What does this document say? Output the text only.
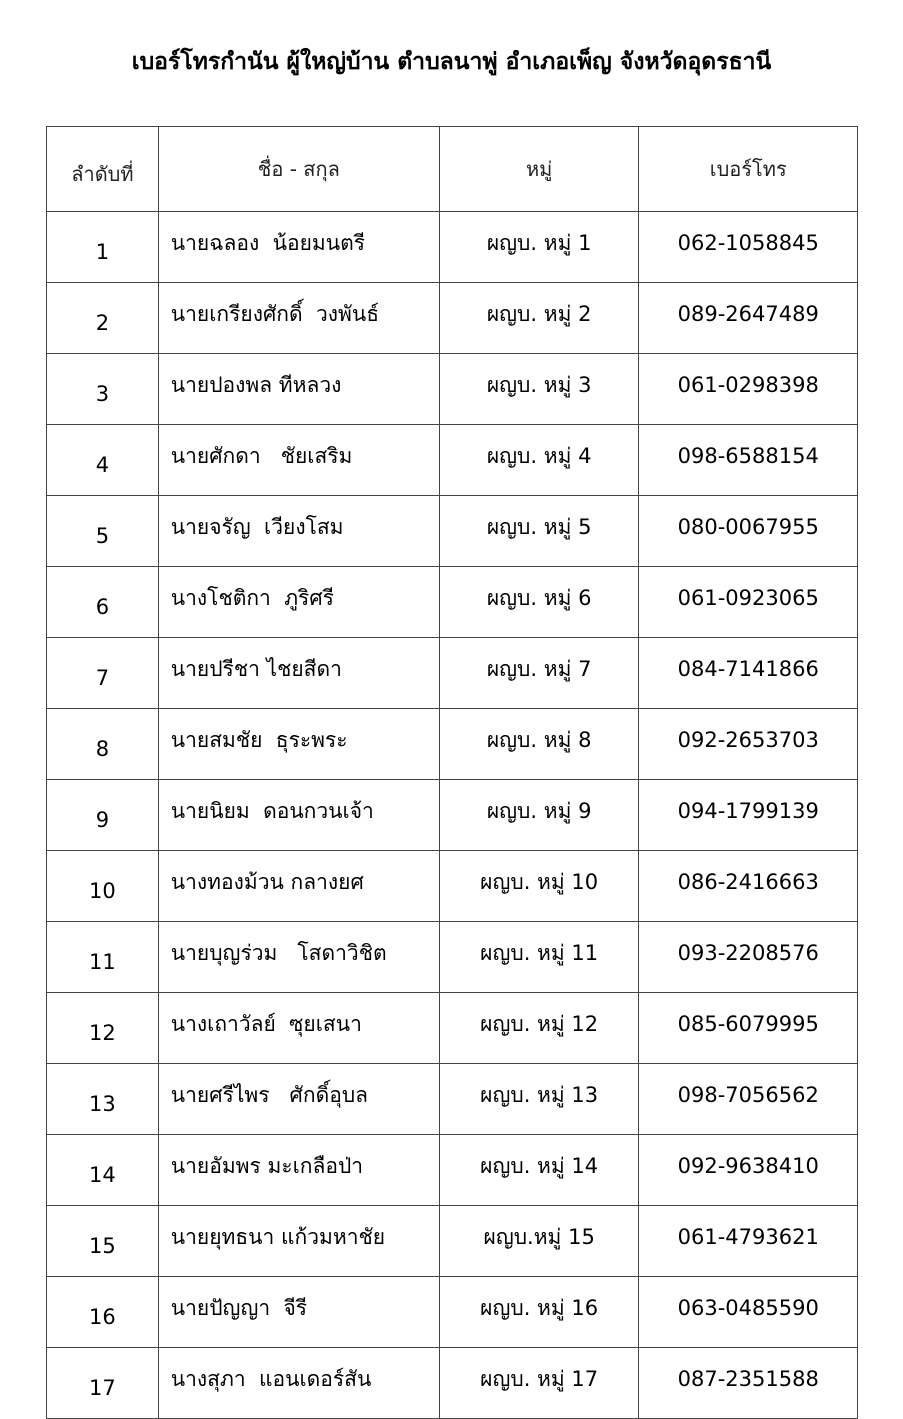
เบอร์โทรกำนัน ผู้ใหญ่บ้าน ตำบลนาพู่ อำเภอเพ็ญ จังหวัดอุดรธานี
ลำดับที่	ชื่อ - สกุล	หมู่	เบอร์โทร
1	นายฉลอง  น้อยมนตรี	ผญบ. หมู่ 1	062-1058845
2	นายเกรียงศักดิ์  วงพันธ์	ผญบ. หมู่ 2	089-2647489
3	นายปองพล ทีหลวง	ผญบ. หมู่ 3	061-0298398
4	นายศักดา   ชัยเสริม	ผญบ. หมู่ 4	098-6588154
5	นายจรัญ  เวียงโสม	ผญบ. หมู่ 5	080-0067955
6	นางโชติกา  ภูริศรี	ผญบ. หมู่ 6	061-0923065
7	นายปรีชา ไชยสีดา	ผญบ. หมู่ 7	084-7141866
8	นายสมชัย  ธุระพระ	ผญบ. หมู่ 8	092-2653703
9	นายนิยม  ดอนกวนเจ้า	ผญบ. หมู่ 9	094-1799139
10	นางทองม้วน กลางยศ	ผญบ. หมู่ 10	086-2416663
11	นายบุญร่วม   โสดาวิชิต	ผญบ. หมู่ 11	093-2208576
12	นางเถาวัลย์  ซุยเสนา	ผญบ. หมู่ 12	085-6079995
13	นายศรีไพร   ศักดิ์อุบล	ผญบ. หมู่ 13	098-7056562
14	นายอัมพร มะเกลือป่า	ผญบ. หมู่ 14	092-9638410
15	นายยุทธนา แก้วมหาชัย	ผญบ.หมู่ 15	061-4793621
16	นายปัญญา  จีรี	ผญบ. หมู่ 16	063-0485590
17	นางสุภา  แอนเดอร์สัน	ผญบ. หมู่ 17	087-2351588
